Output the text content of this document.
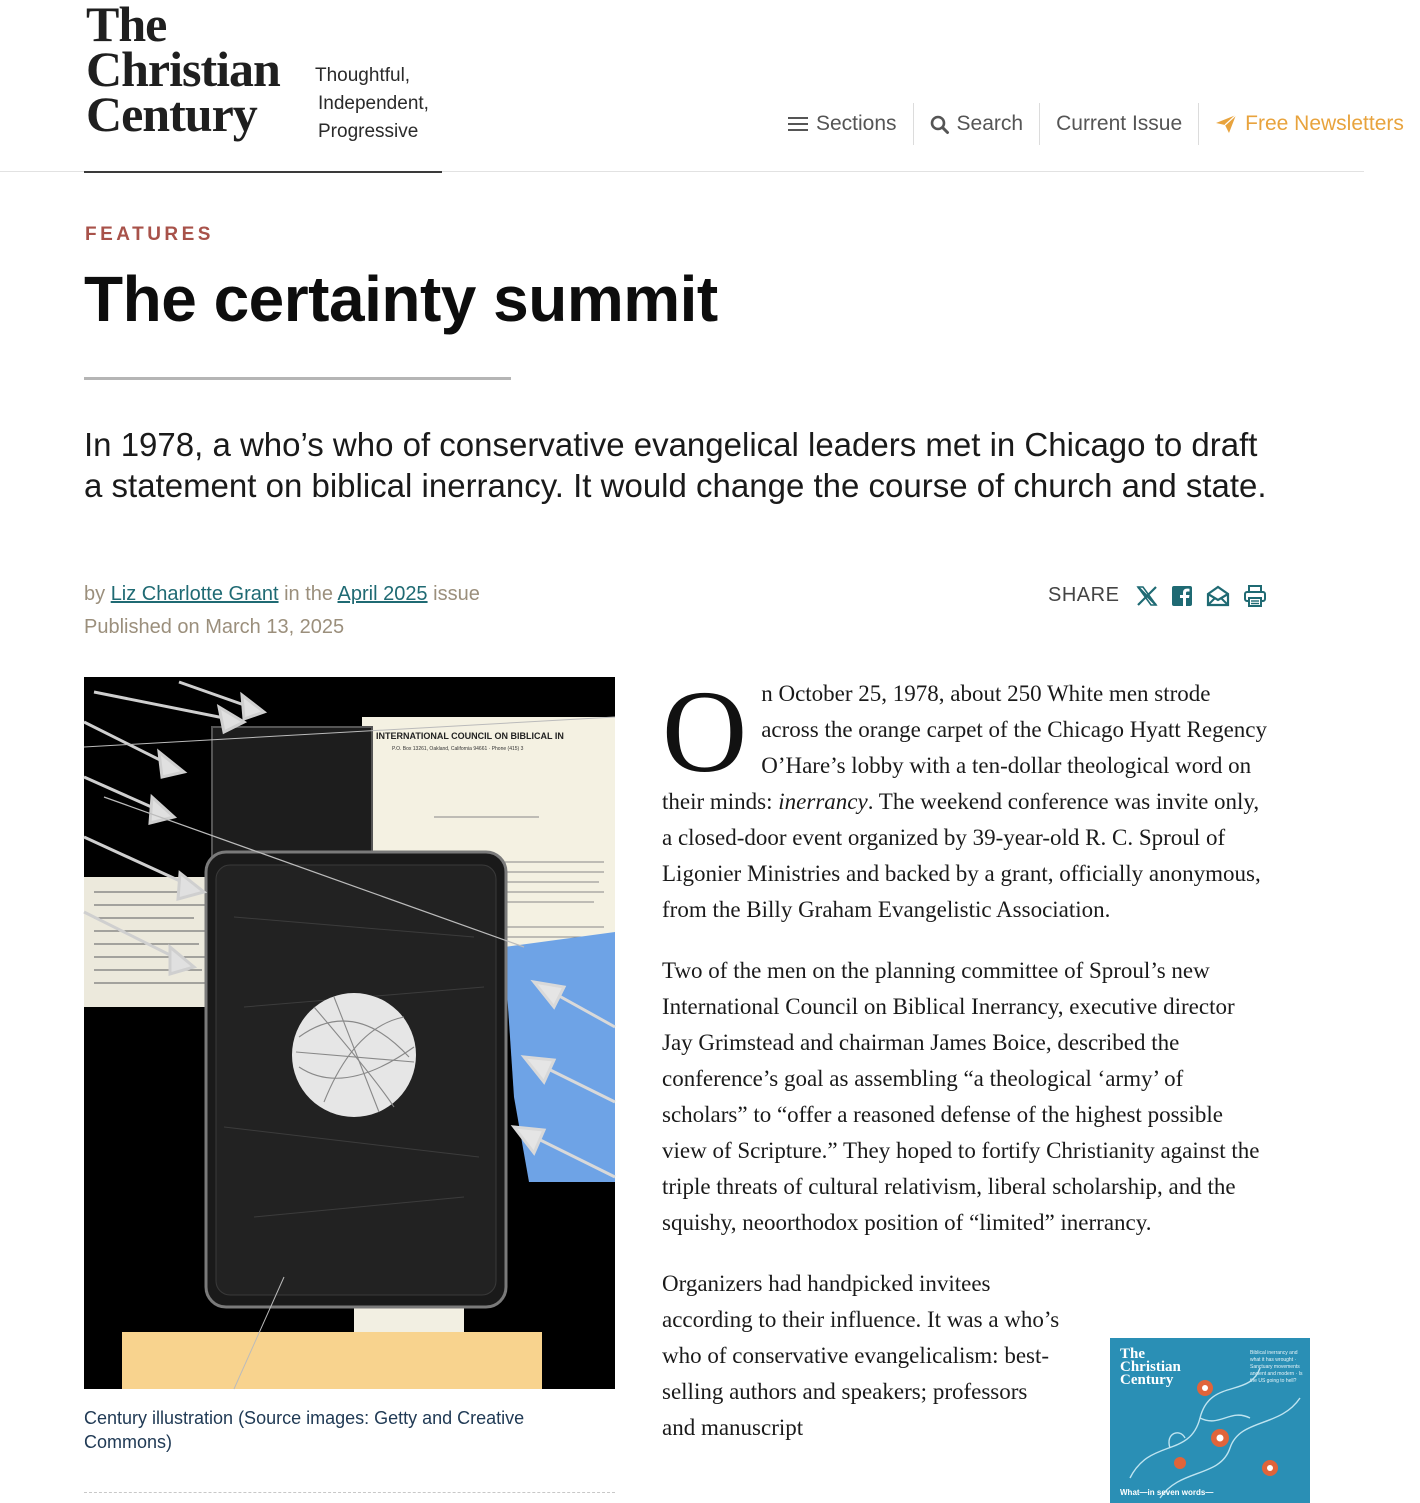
The
Christian
Century
Thoughtful,
Independent,
Progressive	Sections	Search Current Issue	Free Newsletters
FEATURES
The certainty summit

In 1978, a who’s who of conservative evangelical leaders met in Chicago to draft a statement on biblical inerrancy. It would change the course of church and state.

by Liz Charlotte Grant in the April 2025 issue
Published on March 13, 2025
SHARE
INTERNATIONAL COUNCIL ON BIBLICAL IN
P.O. Box 13261, Oakland, California 94661 · Phone (415) 3
Century illustration (Source images: Getty and Creative Commons)

On October 25, 1978, about 250 White men strode across the orange carpet of the Chicago Hyatt Regency O’Hare’s lobby with a ten-dollar theological word on their minds: inerrancy. The weekend conference was invite only, a closed-door event organized by 39-year-old R. C. Sproul of Ligonier Ministries and backed by a grant, officially anonymous, from the Billy Graham Evangelistic Association.

Two of the men on the planning committee of Sproul’s new International Council on Biblical Inerrancy, executive director Jay Grimstead and chairman James Boice, described the conference’s goal as assembling “a theological ‘army’ of scholars” to “offer a reasoned defense of the highest possible view of Scripture.” They hoped to fortify Christianity against the triple threats of cultural relativism, liberal scholarship, and the squishy, neoorthodox position of “limited” inerrancy.

Organizers had handpicked invitees according to their influence. It was a who’s who of conservative evangelicalism: best-selling authors and speakers; professors and manuscript

The
Christian
Century
Biblical inerrancy and what it has wrought · Sanctuary movements ancient and modern · Is the US going to hell?
What—in seven words—
